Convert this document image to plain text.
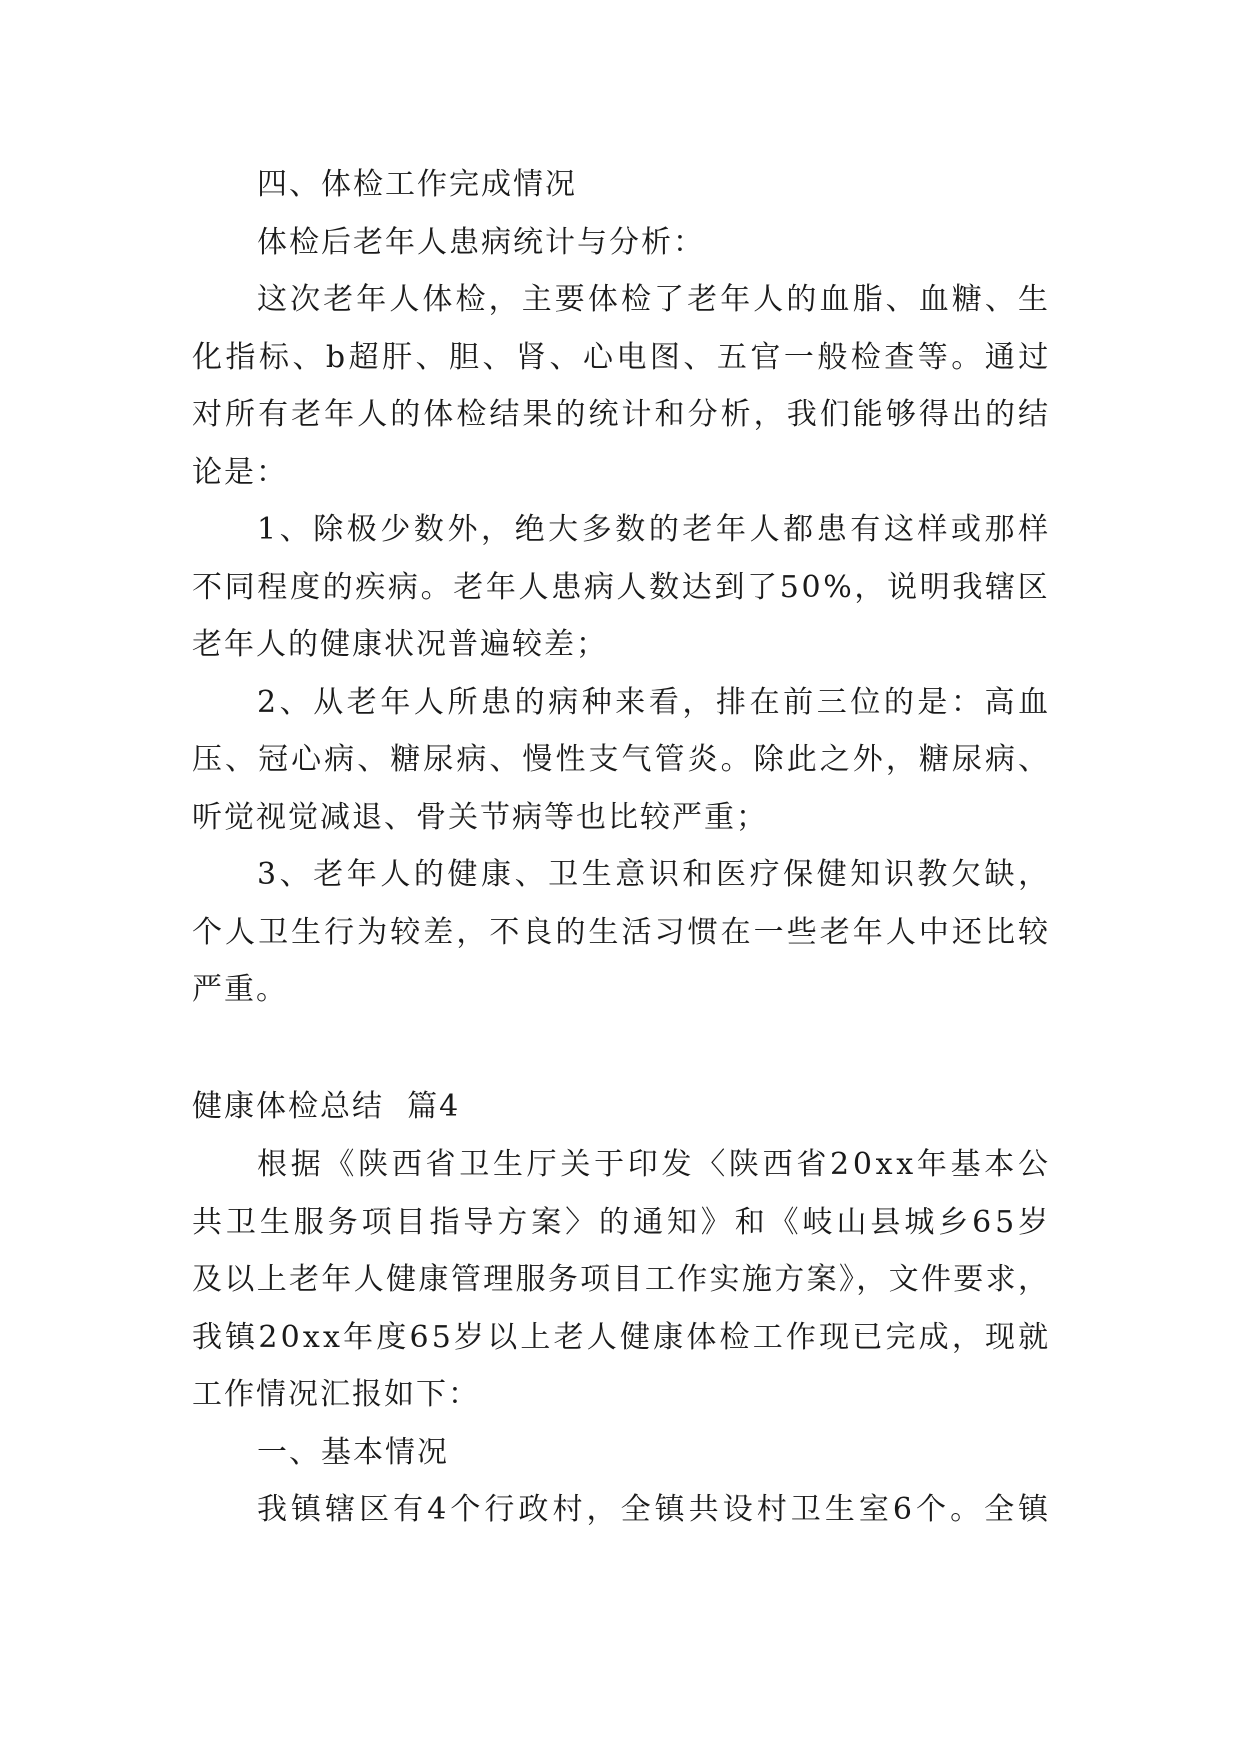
四、体检工作完成情况
体检后老年人患病统计与分析：
这次老年人体检，主要体检了老年人的血脂、血糖、生
化指标、b超肝、胆、肾、心电图、五官一般检查等。通过
对所有老年人的体检结果的统计和分析，我们能够得出的结
论是：
1、除极少数外，绝大多数的老年人都患有这样或那样
不同程度的疾病。老年人患病人数达到了50%，说明我辖区
老年人的健康状况普遍较差；
2、从老年人所患的病种来看，排在前三位的是：高血
压、冠心病、糖尿病、慢性支气管炎。除此之外，糖尿病、
听觉视觉减退、骨关节病等也比较严重；
3、老年人的健康、卫生意识和医疗保健知识教欠缺，
个人卫生行为较差，不良的生活习惯在一些老年人中还比较
严重。
健康体检总结  篇4
根据《陕西省卫生厅关于印发〈陕西省20xx年基本公
共卫生服务项目指导方案〉的通知》和《岐山县城乡65岁
及以上老年人健康管理服务项目工作实施方案》，文件要求，
我镇20xx年度65岁以上老人健康体检工作现已完成，现就
工作情况汇报如下：
一、基本情况
我镇辖区有4个行政村，全镇共设村卫生室6个。全镇
